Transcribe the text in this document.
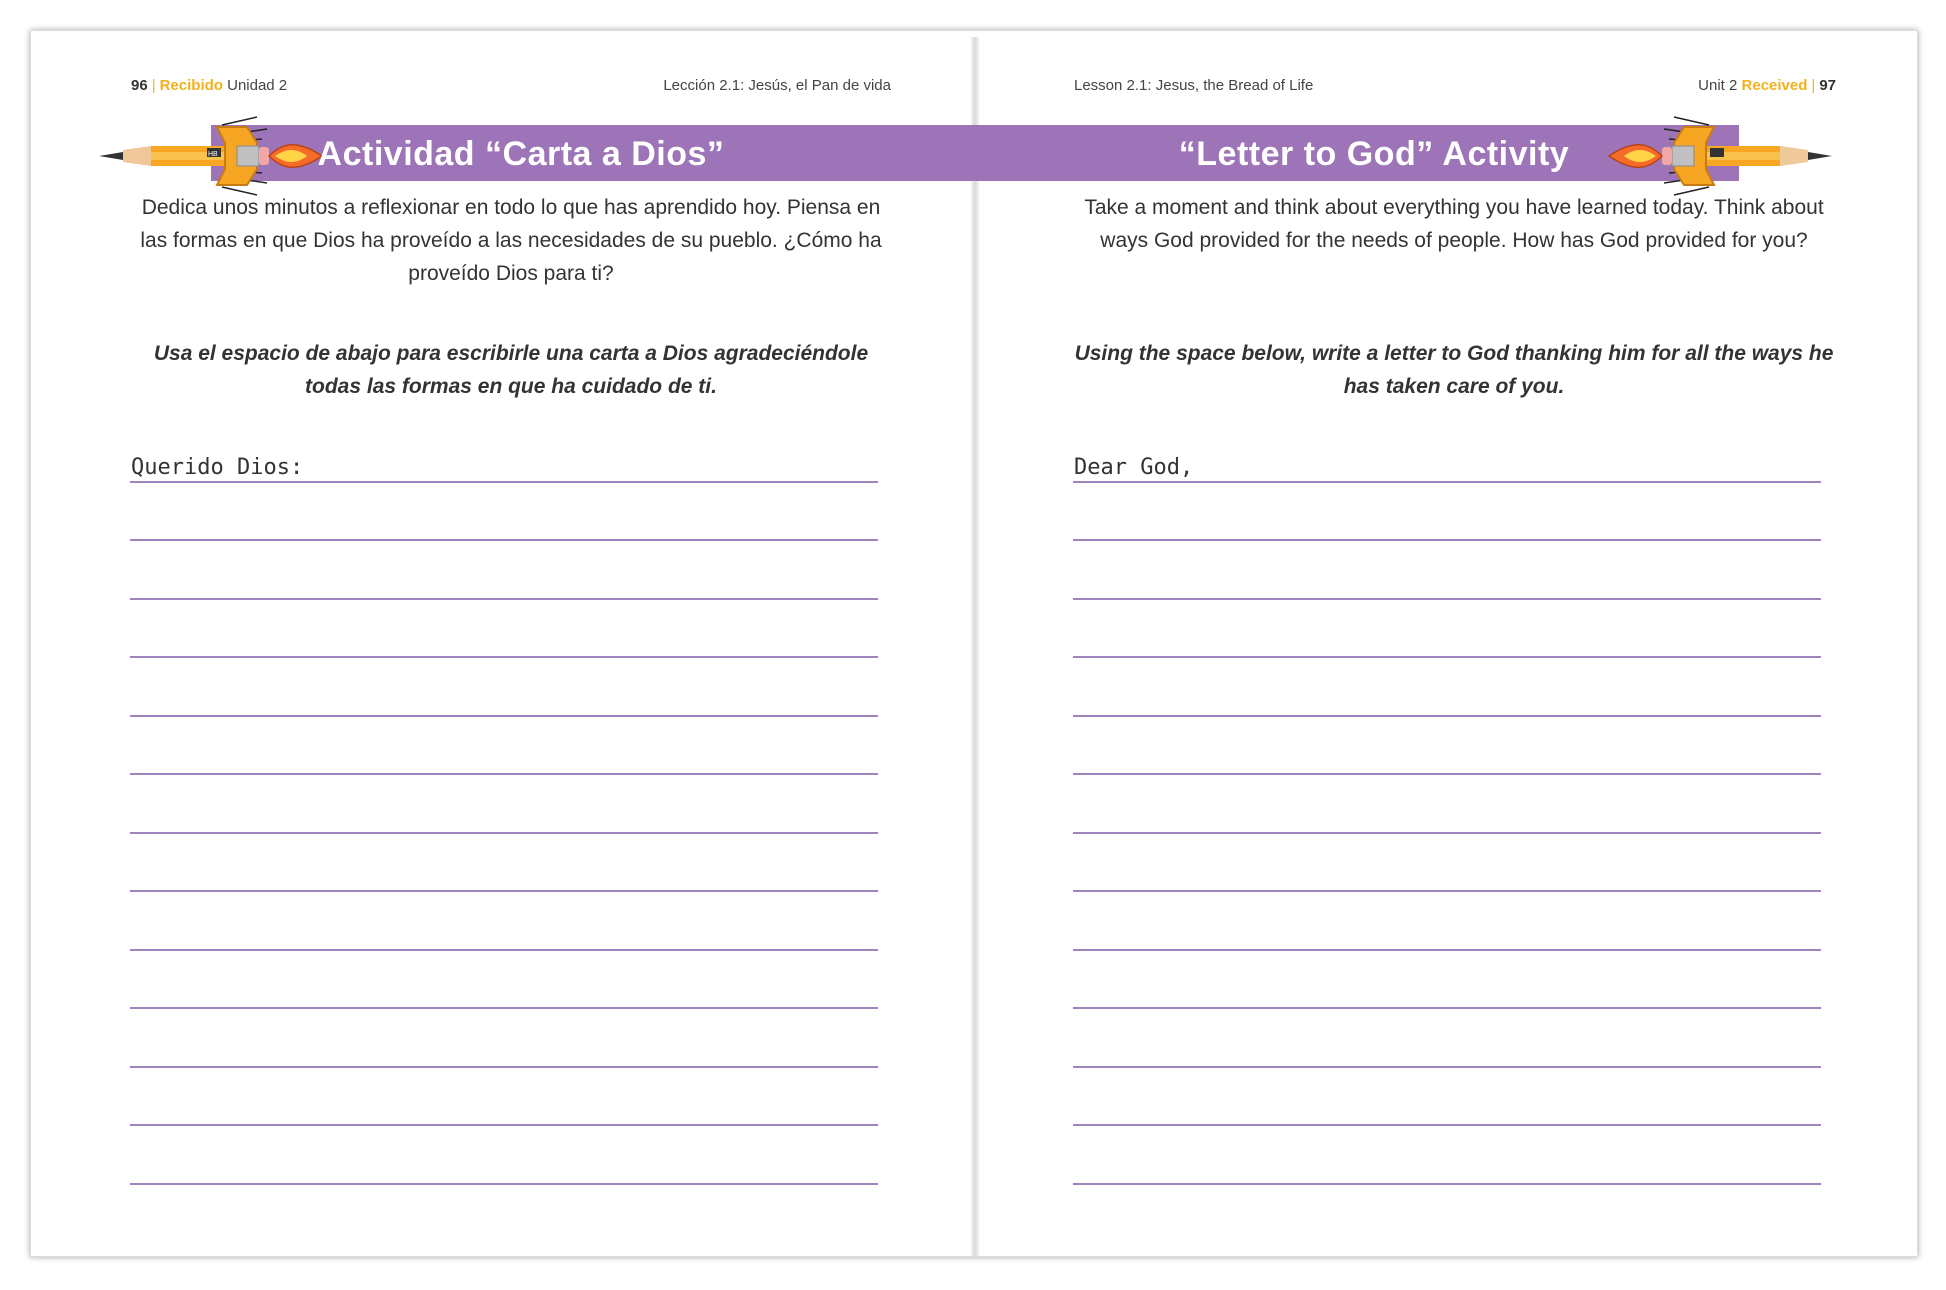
96 | Recibido Unidad 2	Lección 2.1: Jesús, el Pan de vida
HB	Actividad “Carta a Dios”
Dedica unos minutos a reflexionar en todo lo que has aprendido hoy. Piensa en las formas en que Dios ha proveído a las necesidades de su pueblo. ¿Cómo ha proveído Dios para ti?
Usa el espacio de abajo para escribirle una carta a Dios agradeciéndole todas las formas en que ha cuidado de ti.
Querido Dios:
Lesson 2.1: Jesus, the Bread of Life	Unit 2 Received | 97
“Letter to God” Activity
Take a moment and think about everything you have learned today. Think about ways God provided for the needs of people. How has God provided for you?
Using the space below, write a letter to God thanking him for all the ways he has taken care of you.
Dear God,
